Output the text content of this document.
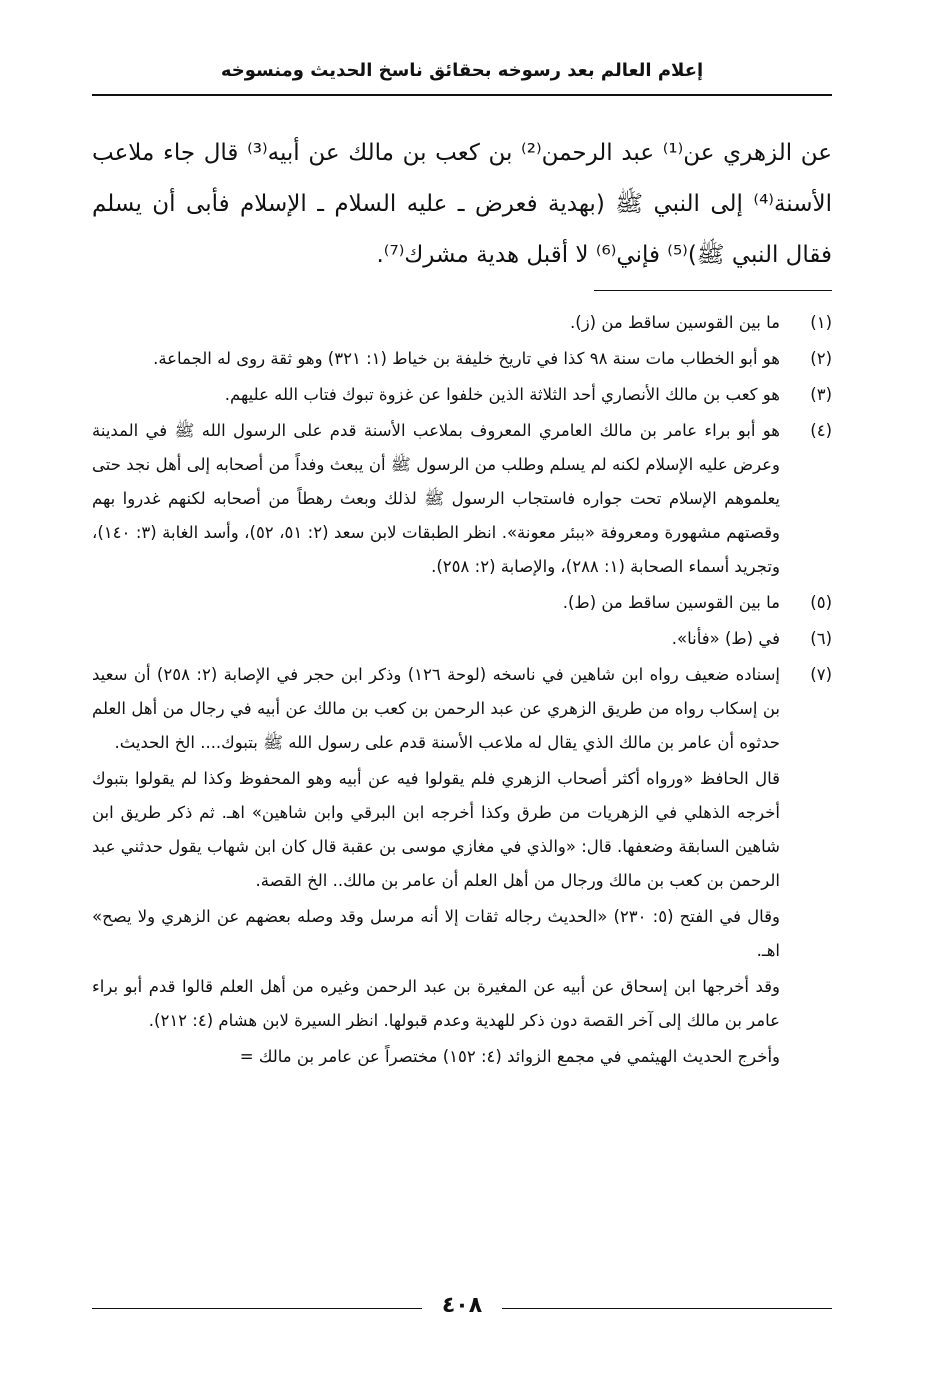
إعلام العالم بعد رسوخه بحقائق ناسخ الحديث ومنسوخه

عن الزهري عن⁽¹⁾ عبد الرحمن⁽²⁾ بن كعب بن مالك عن أبيه⁽³⁾ قال جاء ملاعب الأسنة⁽⁴⁾ إلى النبي ﷺ (بهدية فعرض ـ عليه السلام ـ الإسلام فأبى أن يسلم فقال النبي ﷺ)⁽⁵⁾ فإني⁽⁶⁾ لا أقبل هدية مشرك⁽⁷⁾.

(١)

ما بين القوسين ساقط من (ز).

(٢)

هو أبو الخطاب مات سنة ٩٨ كذا في تاريخ خليفة بن خياط (١: ٣٢١) وهو ثقة روى له الجماعة.

(٣)

هو كعب بن مالك الأنصاري أحد الثلاثة الذين خلفوا عن غزوة تبوك فتاب الله عليهم.

(٤)

هو أبو براء عامر بن مالك العامري المعروف بملاعب الأسنة قدم على الرسول الله ﷺ في المدينة وعرض عليه الإسلام لكنه لم يسلم وطلب من الرسول ﷺ أن يبعث وفداً من أصحابه إلى أهل نجد حتى يعلموهم الإسلام تحت جواره فاستجاب الرسول ﷺ لذلك وبعث رهطاً من أصحابه لكنهم غدروا بهم وقصتهم مشهورة ومعروفة «ببئر معونة». انظر الطبقات لابن سعد (٢: ٥١، ٥٢)، وأسد الغابة (٣: ١٤٠)، وتجريد أسماء الصحابة (١: ٢٨٨)، والإصابة (٢: ٢٥٨).

(٥)

ما بين القوسين ساقط من (ط).

(٦)

في (ط) «فأنا».

(٧)

إسناده ضعيف رواه ابن شاهين في ناسخه (لوحة ١٢٦) وذكر ابن حجر في الإصابة (٢: ٢٥٨) أن سعيد بن إسكاب رواه من طريق الزهري عن عبد الرحمن بن كعب بن مالك عن أبيه في رجال من أهل العلم حدثوه أن عامر بن مالك الذي يقال له ملاعب الأسنة قدم على رسول الله ﷺ بتبوك.... الخ الحديث.

قال الحافظ «ورواه أكثر أصحاب الزهري فلم يقولوا فيه عن أبيه وهو المحفوظ وكذا لم يقولوا بتبوك أخرجه الذهلي في الزهريات من طرق وكذا أخرجه ابن البرقي وابن شاهين» اهـ. ثم ذكر طريق ابن شاهين السابقة وضعفها. قال: «والذي في مغازي موسى بن عقبة قال كان ابن شهاب يقول حدثني عبد الرحمن بن كعب بن مالك ورجال من أهل العلم أن عامر بن مالك.. الخ القصة.

وقال في الفتح (٥: ٢٣٠) «الحديث رجاله ثقات إلا أنه مرسل وقد وصله بعضهم عن الزهري ولا يصح» اهـ.

وقد أخرجها ابن إسحاق عن أبيه عن المغيرة بن عبد الرحمن وغيره من أهل العلم قالوا قدم أبو براء عامر بن مالك إلى آخر القصة دون ذكر للهدية وعدم قبولها. انظر السيرة لابن هشام (٤: ٢١٢).

وأخرج الحديث الهيثمي في مجمع الزوائد (٤: ١٥٢) مختصراً عن عامر بن مالك =

٤٠٨
